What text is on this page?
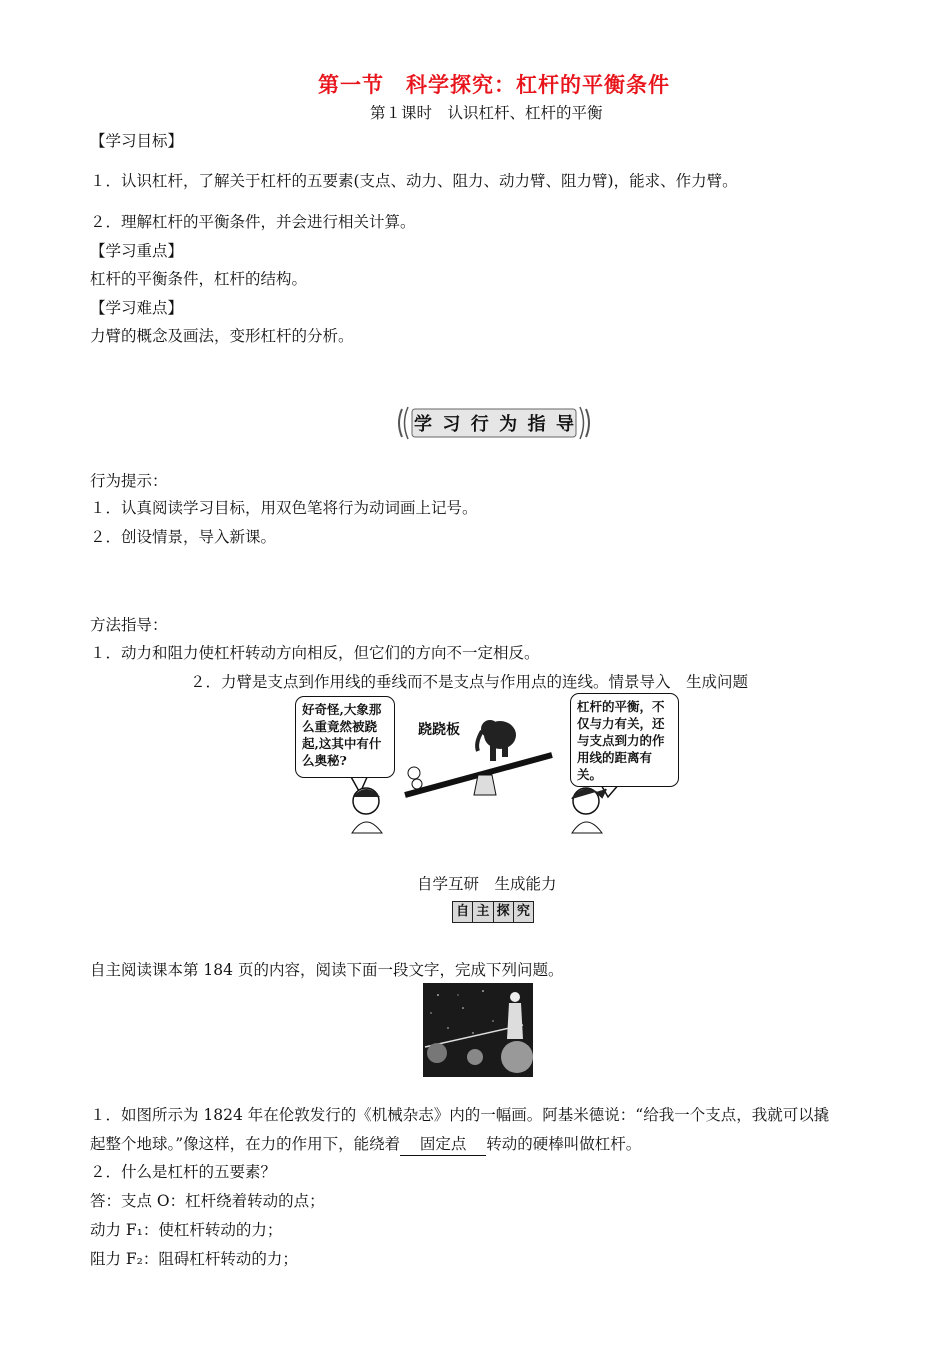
第一节　科学探究：杠杆的平衡条件
第１课时　认识杠杆、杠杆的平衡
【学习目标】
１．认识杠杆，了解关于杠杆的五要素(支点、动力、阻力、动力臂、阻力臂)，能求、作力臂。
２．理解杠杆的平衡条件，并会进行相关计算。
【学习重点】
杠杆的平衡条件，杠杆的结构。
【学习难点】
力臂的概念及画法，变形杠杆的分析。
学 习 行 为 指 导
行为提示：
１．认真阅读学习目标，用双色笔将行为动词画上记号。
２．创设情景，导入新课。
方法指导：
１．动力和阻力使杠杆转动方向相反，但它们的方向不一定相反。
２．力臂是支点到作用线的垂线而不是支点与作用点的连线。情景导入　生成问题
好奇怪,大象那么重竟然被跷起,这其中有什么奥秘?
跷跷板
杠杆的平衡，不仅与力有关，还与支点到力的作用线的距离有关。
自学互研　生成能力
自 主 探 究
自主阅读课本第 184 页的内容，阅读下面一段文字，完成下列问题。
１．如图所示为 1824 年在伦敦发行的《机械杂志》内的一幅画。阿基米德说：“给我一个支点，我就可以撬
起整个地球。”像这样，在力的作用下，能绕着 固定点 转动的硬棒叫做杠杆。
２．什么是杠杆的五要素？
答：支点 O：杠杆绕着转动的点；
动力 F₁：使杠杆转动的力；
阻力 F₂：阻碍杠杆转动的力；
